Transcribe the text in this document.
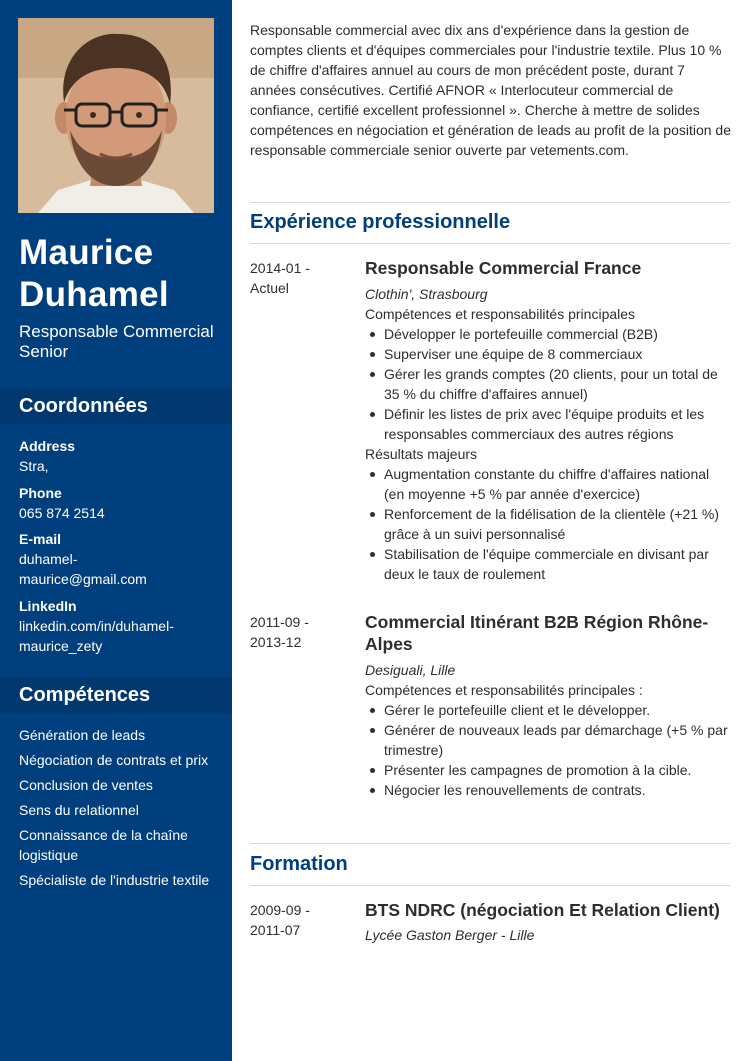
Maurice
Duhamel
Responsable Commercial Senior
Coordonnées
Address
Stra,
Phone
065 874 2514
E-mail
duhamel-maurice@gmail.com
LinkedIn
linkedin.com/in/duhamel-maurice_zety
Compétences
Génération de leads
Négociation de contrats et prix
Conclusion de ventes
Sens du relationnel
Connaissance de la chaîne logistique
Spécialiste de l'industrie textile
Responsable commercial avec dix ans d'expérience dans la gestion de comptes clients et d'équipes commerciales pour l'industrie textile. Plus 10 % de chiffre d'affaires annuel au cours de mon précédent poste, durant 7 années consécutives. Certifié AFNOR « Interlocuteur commercial de confiance, certifié excellent professionnel ». Cherche à mettre de solides compétences en négociation et génération de leads au profit de la position de responsable commerciale senior ouverte par vetements.com.
Expérience professionnelle
2014-01 -
Actuel
Responsable Commercial France
Clothin', Strasbourg
Compétences et responsabilités principales
Développer le portefeuille commercial (B2B)
Superviser une équipe de 8 commerciaux
Gérer les grands comptes (20 clients, pour un total de 35 % du chiffre d'affaires annuel)
Définir les listes de prix avec l'équipe produits et les responsables commerciaux des autres régions
Résultats majeurs
Augmentation constante du chiffre d'affaires national (en moyenne +5 % par année d'exercice)
Renforcement de la fidélisation de la clientèle (+21 %) grâce à un suivi personnalisé
Stabilisation de l'équipe commerciale en divisant par deux le taux de roulement
2011-09 -
2013-12
Commercial Itinérant B2B Région Rhône-Alpes
Desiguali, Lille
Compétences et responsabilités principales :
Gérer le portefeuille client et le développer.
Générer de nouveaux leads par démarchage (+5 % par trimestre)
Présenter les campagnes de promotion à la cible.
Négocier les renouvellements de contrats.
Formation
2009-09 -
2011-07
BTS NDRC (négociation Et Relation Client)
Lycée Gaston Berger - Lille
